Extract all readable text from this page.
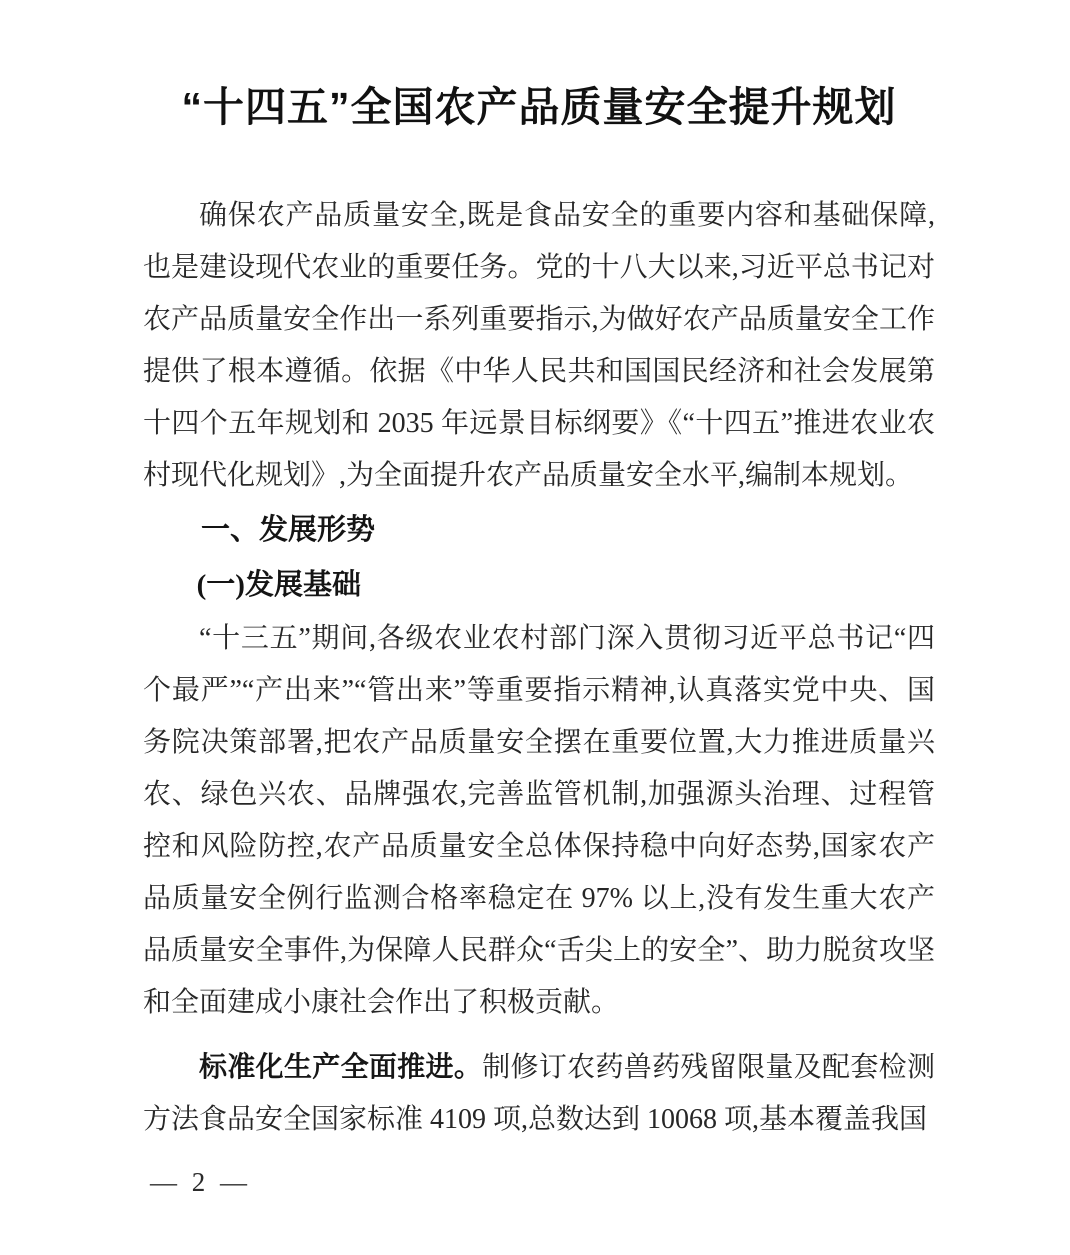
“十四五”全国农产品质量安全提升规划

确保农产品质量安全,既是食品安全的重要内容和基础保障,也是建设现代农业的重要任务。党的十八大以来,习近平总书记对农产品质量安全作出一系列重要指示,为做好农产品质量安全工作提供了根本遵循。依据《中华人民共和国国民经济和社会发展第十四个五年规划和 2035 年远景目标纲要》《“十四五”推进农业农村现代化规划》,为全面提升农产品质量安全水平,编制本规划。

一、发展形势
(一)发展基础

“十三五”期间,各级农业农村部门深入贯彻习近平总书记“四个最严”“产出来”“管出来”等重要指示精神,认真落实党中央、国务院决策部署,把农产品质量安全摆在重要位置,大力推进质量兴农、绿色兴农、品牌强农,完善监管机制,加强源头治理、过程管控和风险防控,农产品质量安全总体保持稳中向好态势,国家农产品质量安全例行监测合格率稳定在 97% 以上,没有发生重大农产品质量安全事件,为保障人民群众“舌尖上的安全”、助力脱贫攻坚和全面建成小康社会作出了积极贡献。

标准化生产全面推进。制修订农药兽药残留限量及配套检测方法食品安全国家标准 4109 项,总数达到 10068 项,基本覆盖我国

— 2 —
